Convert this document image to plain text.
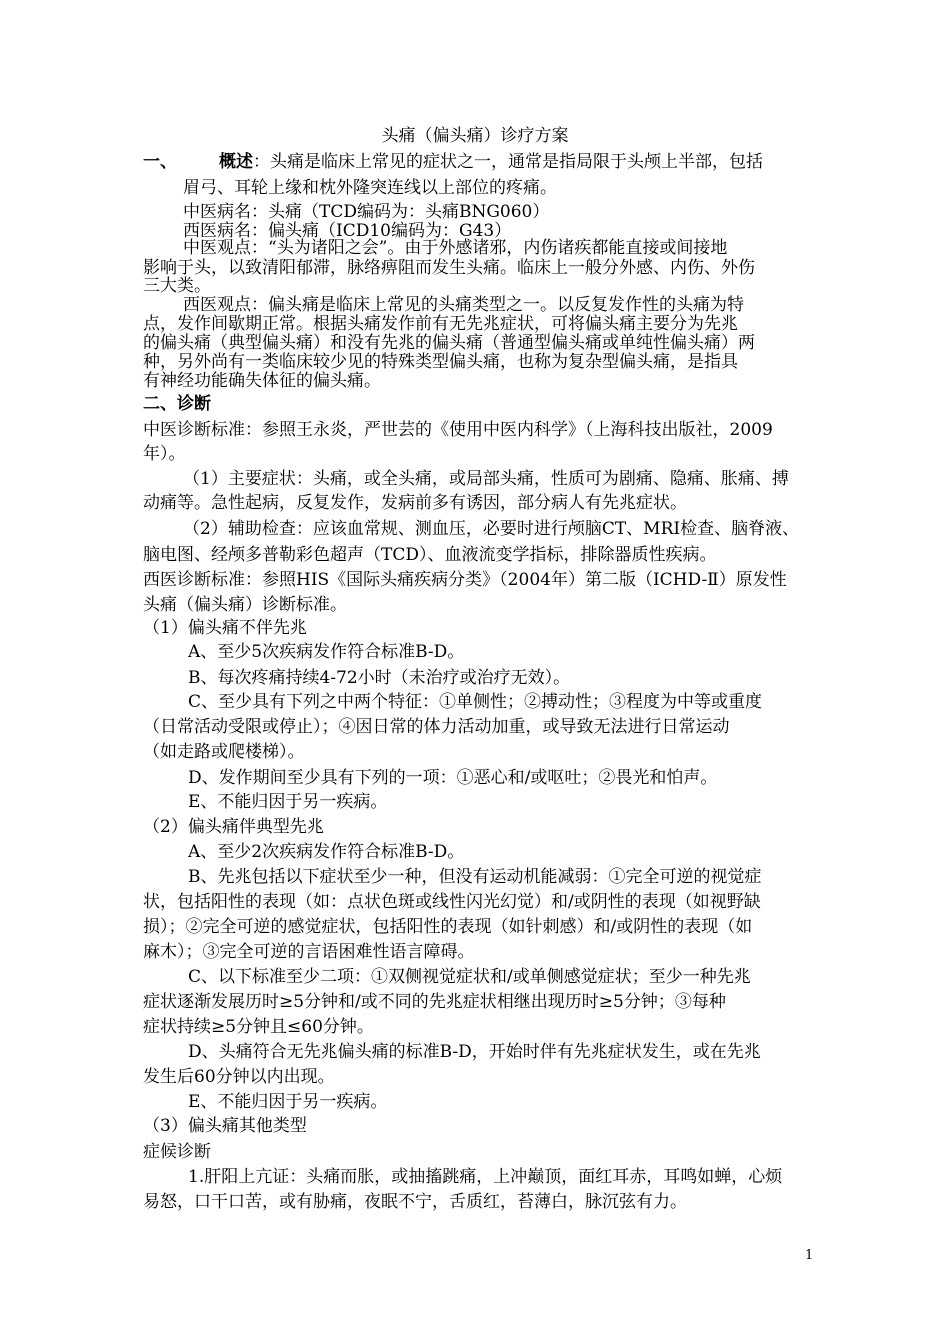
头痛（偏头痛）诊疗方案
一、 概述：头痛是临床上常见的症状之一，通常是指局限于头颅上半部，包括
眉弓、耳轮上缘和枕外隆突连线以上部位的疼痛。
中医病名：头痛（TCD编码为：头痛BNG060）
西医病名：偏头痛（ICD10编码为：G43）
中医观点：“头为诸阳之会”。由于外感诸邪，内伤诸疾都能直接或间接地
影响于头，以致清阳郁滞，脉络痹阻而发生头痛。临床上一般分外感、内伤、外伤
三大类。
西医观点：偏头痛是临床上常见的头痛类型之一。以反复发作性的头痛为特
点，发作间歇期正常。根据头痛发作前有无先兆症状，可将偏头痛主要分为先兆
的偏头痛（典型偏头痛）和没有先兆的偏头痛（普通型偏头痛或单纯性偏头痛）两
种，另外尚有一类临床较少见的特殊类型偏头痛，也称为复杂型偏头痛，是指具
有神经功能确失体征的偏头痛。
二、诊断
中医诊断标准：参照王永炎，严世芸的《使用中医内科学》（上海科技出版社，2009
年）。
（1）主要症状：头痛，或全头痛，或局部头痛，性质可为剧痛、隐痛、胀痛、搏
动痛等。急性起病，反复发作，发病前多有诱因，部分病人有先兆症状。
（2）辅助检查：应该血常规、测血压，必要时进行颅脑CT、MRI检查、脑脊液、
脑电图、经颅多普勒彩色超声（TCD）、血液流变学指标，排除器质性疾病。
西医诊断标准：参照HIS《国际头痛疾病分类》（2004年）第二版（ICHD-Ⅱ）原发性
头痛（偏头痛）诊断标准。
（1）偏头痛不伴先兆
A、至少5次疾病发作符合标准B-D。
B、每次疼痛持续4-72小时（未治疗或治疗无效）。
C、至少具有下列之中两个特征：①单侧性；②搏动性；③程度为中等或重度
（日常活动受限或停止）；④因日常的体力活动加重，或导致无法进行日常运动
（如走路或爬楼梯）。
D、发作期间至少具有下列的一项：①恶心和/或呕吐；②畏光和怕声。
E、不能归因于另一疾病。
（2）偏头痛伴典型先兆
A、至少2次疾病发作符合标准B-D。
B、先兆包括以下症状至少一种，但没有运动机能减弱：①完全可逆的视觉症
状，包括阳性的表现（如：点状色斑或线性闪光幻觉）和/或阴性的表现（如视野缺
损）；②完全可逆的感觉症状，包括阳性的表现（如针刺感）和/或阴性的表现（如
麻木）；③完全可逆的言语困难性语言障碍。
C、以下标准至少二项：①双侧视觉症状和/或单侧感觉症状；至少一种先兆
症状逐渐发展历时≥5分钟和/或不同的先兆症状相继出现历时≥5分钟；③每种
症状持续≥5分钟且≤60分钟。
D、头痛符合无先兆偏头痛的标准B-D，开始时伴有先兆症状发生，或在先兆
发生后60分钟以内出现。
E、不能归因于另一疾病。
（3）偏头痛其他类型
症候诊断
1.肝阳上亢证：头痛而胀，或抽搐跳痛，上冲巅顶，面红耳赤，耳鸣如蝉，心烦
易怒，口干口苦，或有胁痛，夜眠不宁，舌质红，苔薄白，脉沉弦有力。
1
